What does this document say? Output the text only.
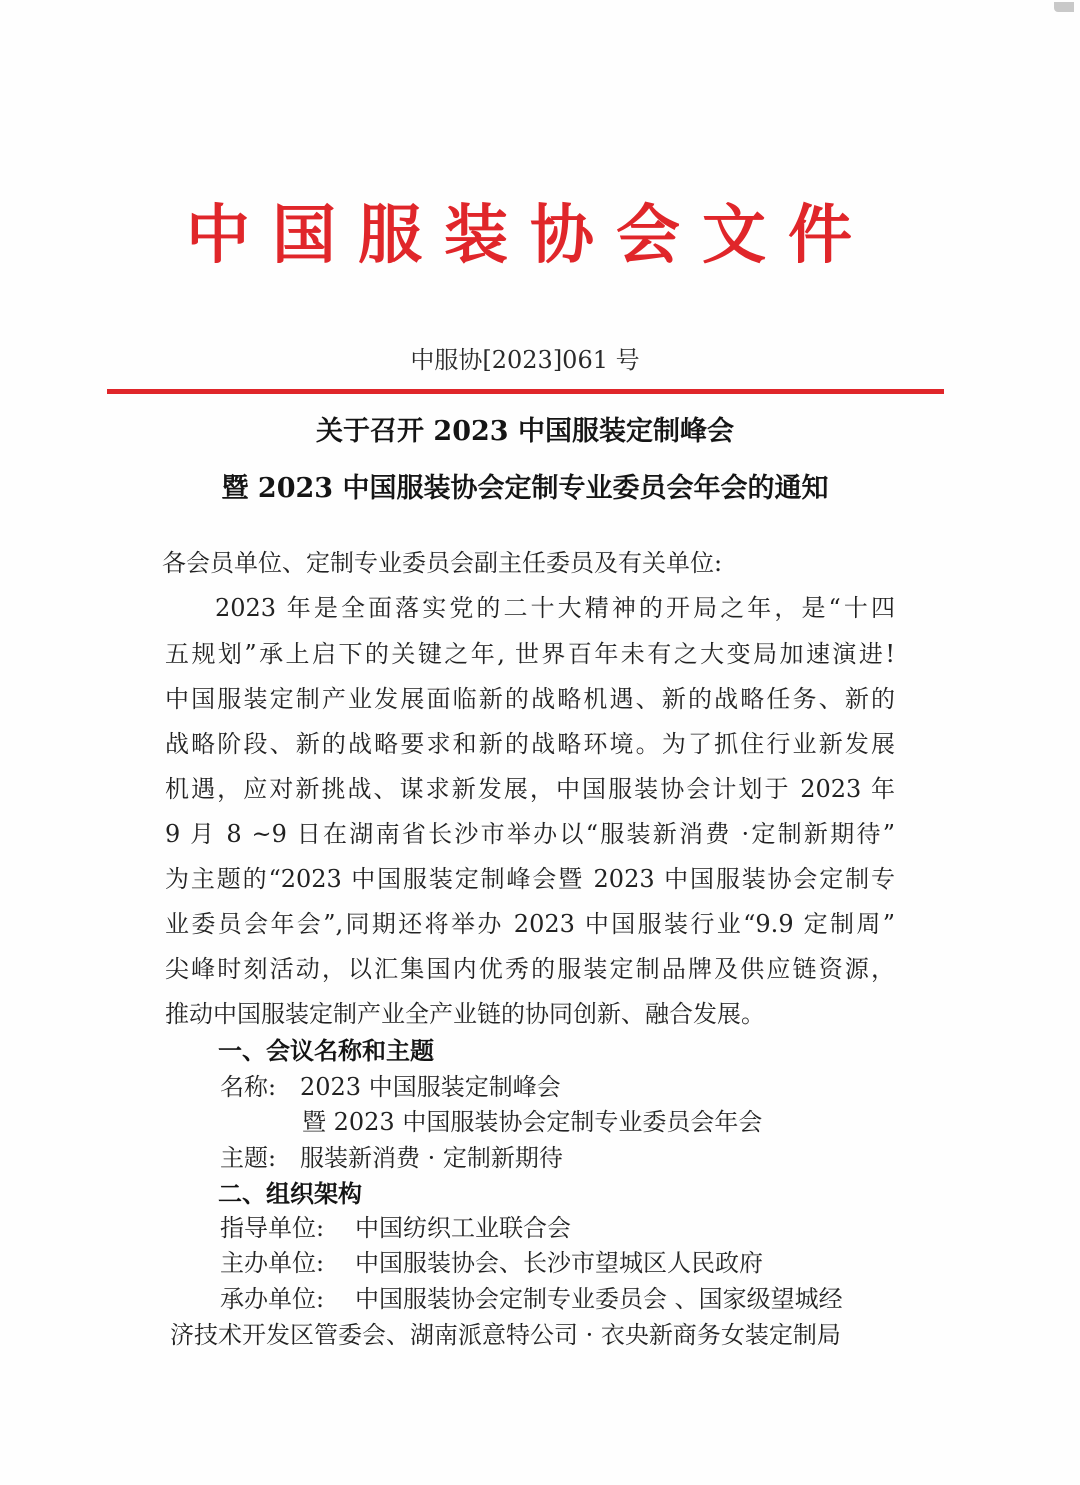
中国服装协会文件
中服协[2023]061 号
关于召开 2023 中国服装定制峰会
暨 2023 中国服装协会定制专业委员会年会的通知
各会员单位、定制专业委员会副主任委员及有关单位:
2023 年是全面落实党的二十大精神的开局之年，是“十四
五规划”承上启下的关键之年, 世界百年未有之大变局加速演进!
中国服装定制产业发展面临新的战略机遇、新的战略任务、新的
战略阶段、新的战略要求和新的战略环境。为了抓住行业新发展
机遇，应对新挑战、谋求新发展，中国服装协会计划于 2023 年
9 月 8 ~9 日在湖南省长沙市举办以“服装新消费 ·定制新期待”
为主题的“2023 中国服装定制峰会暨 2023 中国服装协会定制专
业委员会年会”,同期还将举办 2023 中国服装行业“9.9 定制周”
尖峰时刻活动，以汇集国内优秀的服装定制品牌及供应链资源，
推动中国服装定制产业全产业链的协同创新、融合发展。
一、会议名称和主题
名称: 2023 中国服装定制峰会
暨 2023 中国服装协会定制专业委员会年会
主题: 服装新消费 · 定制新期待
二、组织架构
指导单位: 中国纺织工业联合会
主办单位: 中国服装协会、长沙市望城区人民政府
承办单位: 中国服装协会定制专业委员会 、国家级望城经
济技术开发区管委会、湖南派意特公司 · 衣央新商务女装定制局
